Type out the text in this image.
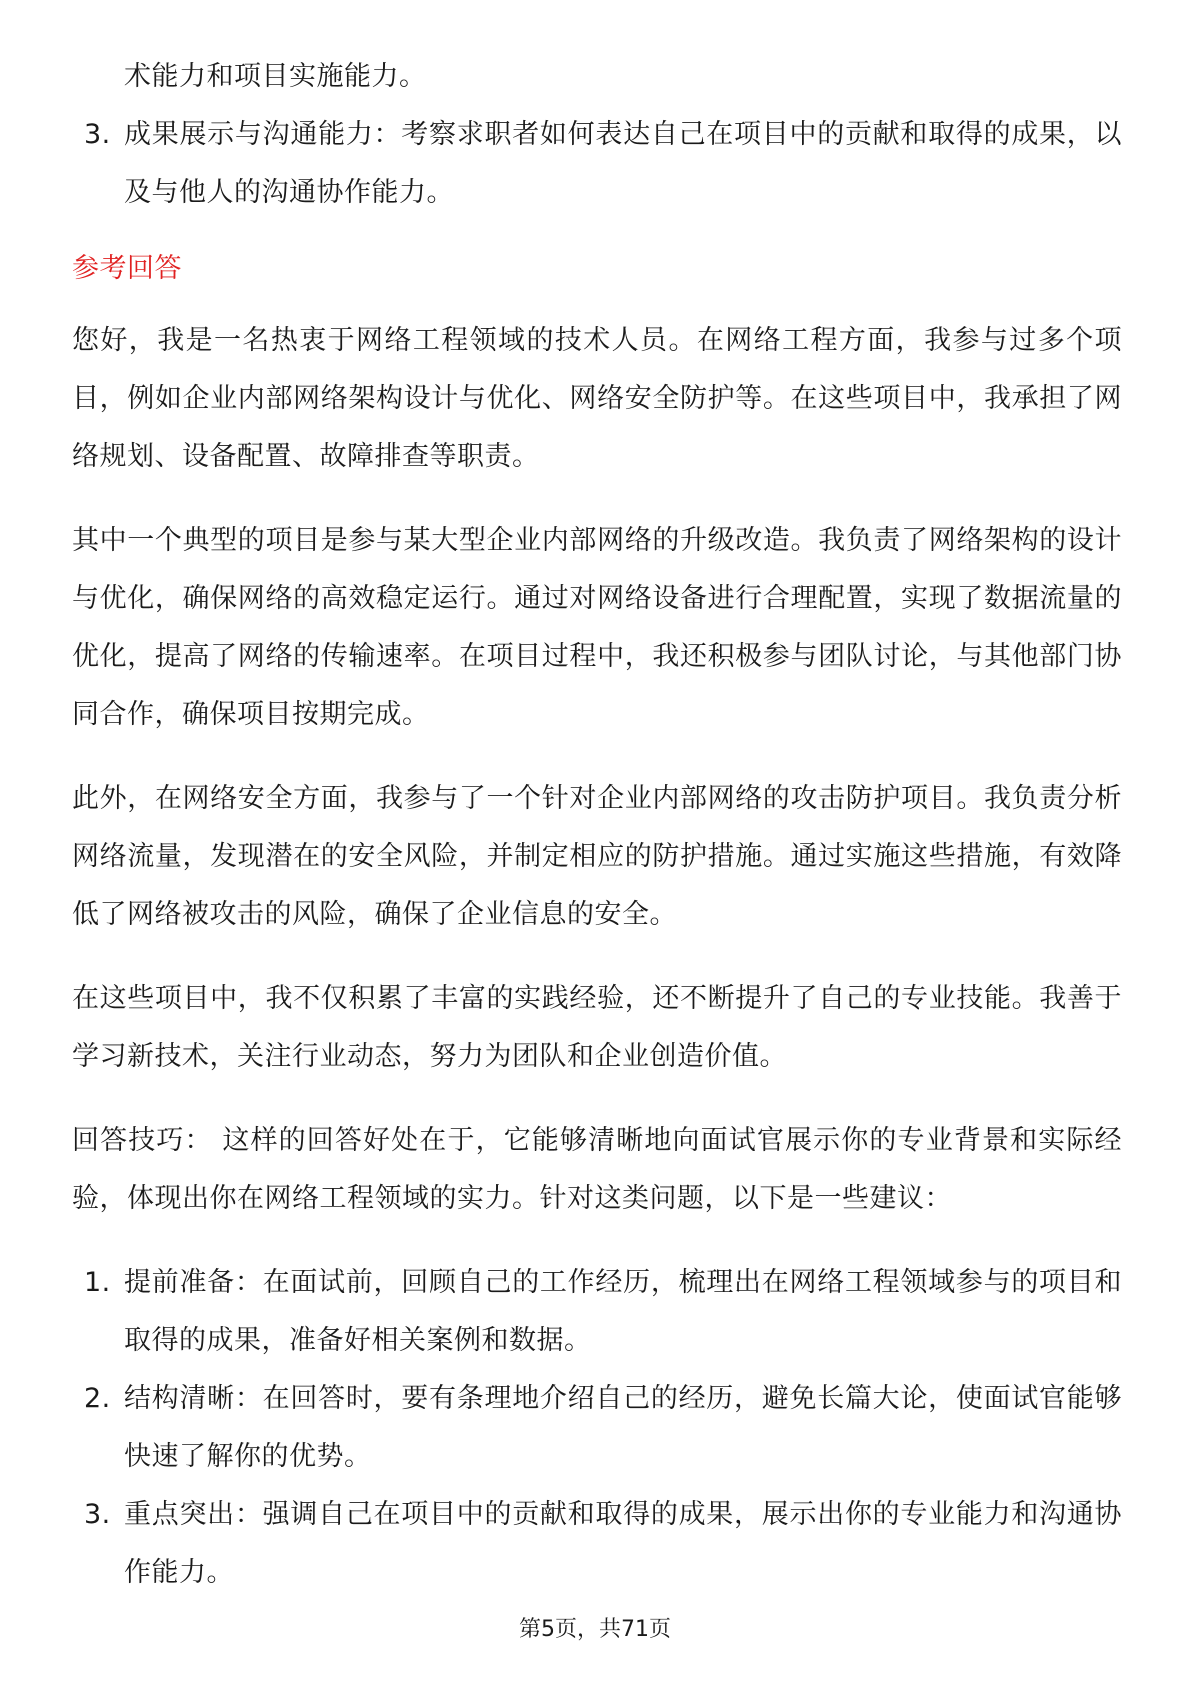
术能力和项目实施能力。

3. 成果展示与沟通能力：考察求职者如何表达自己在项目中的贡献和取得的成果，以及与他人的沟通协作能力。
参考回答

您好，我是一名热衷于网络工程领域的技术人员。在网络工程方面，我参与过多个项目，例如企业内部网络架构设计与优化、网络安全防护等。在这些项目中，我承担了网络规划、设备配置、故障排查等职责。

其中一个典型的项目是参与某大型企业内部网络的升级改造。我负责了网络架构的设计与优化，确保网络的高效稳定运行。通过对网络设备进行合理配置，实现了数据流量的优化，提高了网络的传输速率。在项目过程中，我还积极参与团队讨论，与其他部门协同合作，确保项目按期完成。

此外，在网络安全方面，我参与了一个针对企业内部网络的攻击防护项目。我负责分析网络流量，发现潜在的安全风险，并制定相应的防护措施。通过实施这些措施，有效降低了网络被攻击的风险，确保了企业信息的安全。

在这些项目中，我不仅积累了丰富的实践经验，还不断提升了自己的专业技能。我善于学习新技术，关注行业动态，努力为团队和企业创造价值。

回答技巧： 这样的回答好处在于，它能够清晰地向面试官展示你的专业背景和实际经验，体现出你在网络工程领域的实力。针对这类问题，以下是一些建议：

1. 提前准备：在面试前，回顾自己的工作经历，梳理出在网络工程领域参与的项目和取得的成果，准备好相关案例和数据。
2. 结构清晰：在回答时，要有条理地介绍自己的经历，避免长篇大论，使面试官能够快速了解你的优势。
3. 重点突出：强调自己在项目中的贡献和取得的成果，展示出你的专业能力和沟通协作能力。
第5页，共71页
